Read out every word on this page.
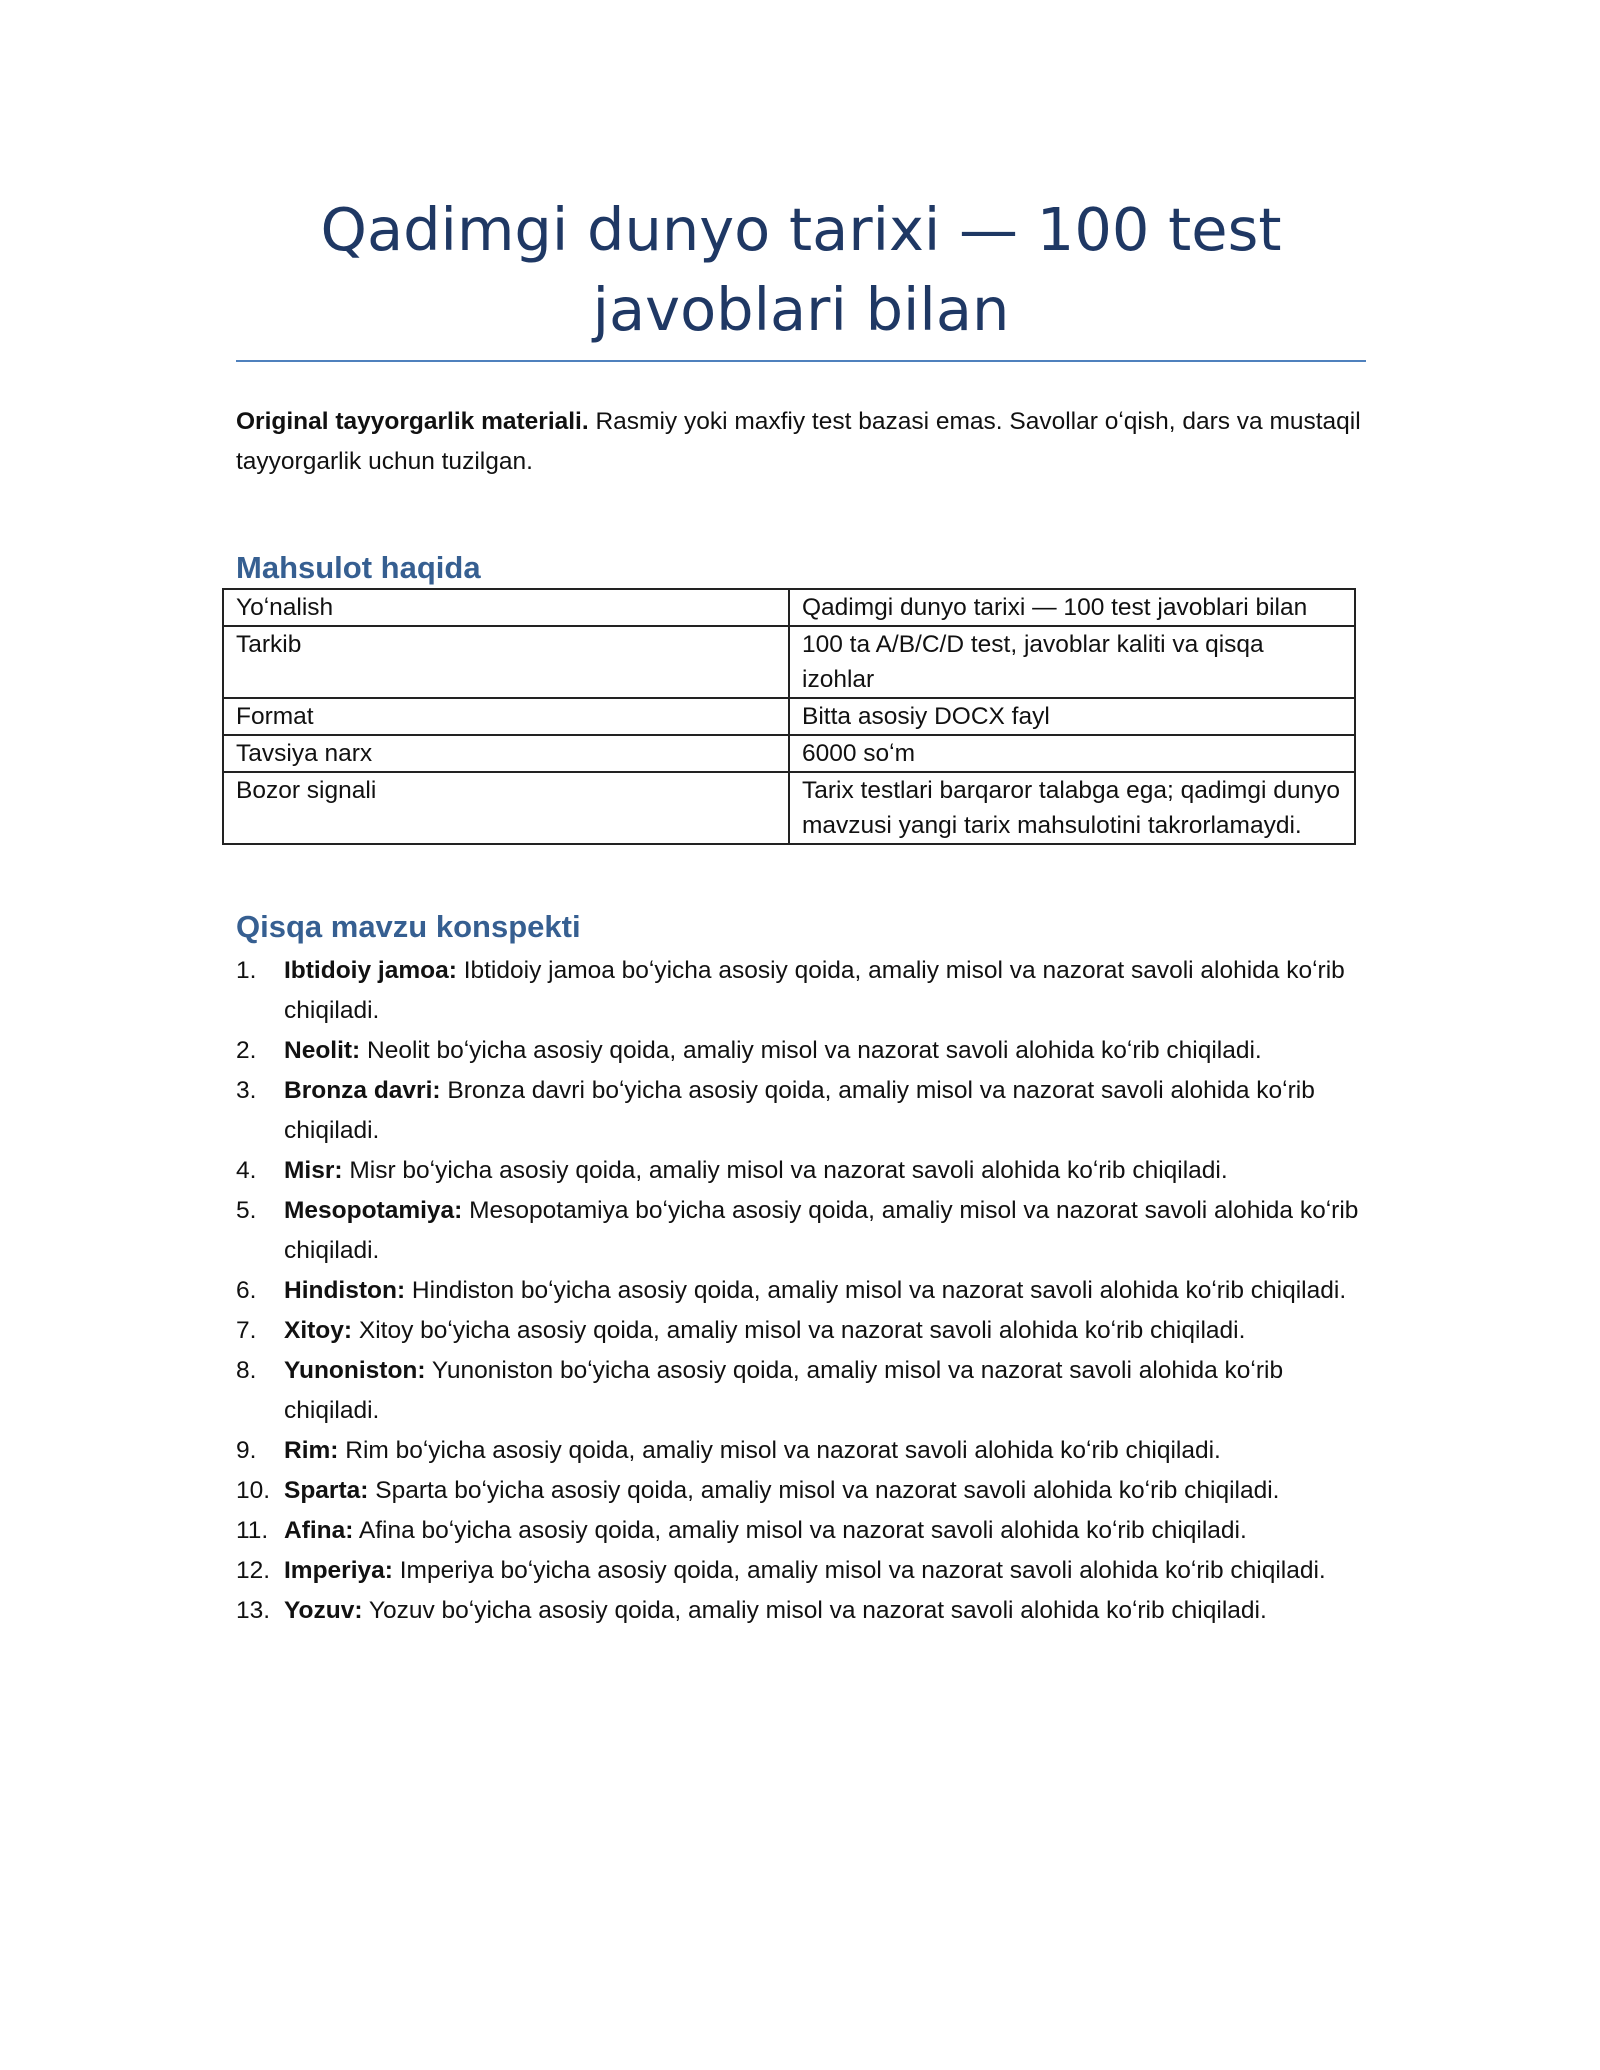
Qadimgi dunyo tarixi — 100 test javoblari bilan

Original tayyorgarlik materiali. Rasmiy yoki maxfiy test bazasi emas. Savollar oʻqish, dars va mustaqil tayyorgarlik uchun tuzilgan.

Mahsulot haqida
Yoʻnalish	Qadimgi dunyo tarixi — 100 test javoblari bilan
Tarkib	100 ta A/B/C/D test, javoblar kaliti va qisqa izohlar
Format	Bitta asosiy DOCX fayl
Tavsiya narx	6000 soʻm
Bozor signali	Tarix testlari barqaror talabga ega; qadimgi dunyo mavzusi yangi tarix mahsulotini takrorlamaydi.
Qisqa mavzu konspekti
1. Ibtidoiy jamoa: Ibtidoiy jamoa boʻyicha asosiy qoida, amaliy misol va nazorat savoli alohida koʻrib chiqiladi.
2. Neolit: Neolit boʻyicha asosiy qoida, amaliy misol va nazorat savoli alohida koʻrib chiqiladi.
3. Bronza davri: Bronza davri boʻyicha asosiy qoida, amaliy misol va nazorat savoli alohida koʻrib chiqiladi.
4. Misr: Misr boʻyicha asosiy qoida, amaliy misol va nazorat savoli alohida koʻrib chiqiladi.
5. Mesopotamiya: Mesopotamiya boʻyicha asosiy qoida, amaliy misol va nazorat savoli alohida koʻrib chiqiladi.
6. Hindiston: Hindiston boʻyicha asosiy qoida, amaliy misol va nazorat savoli alohida koʻrib chiqiladi.
7. Xitoy: Xitoy boʻyicha asosiy qoida, amaliy misol va nazorat savoli alohida koʻrib chiqiladi.
8. Yunoniston: Yunoniston boʻyicha asosiy qoida, amaliy misol va nazorat savoli alohida koʻrib chiqiladi.
9. Rim: Rim boʻyicha asosiy qoida, amaliy misol va nazorat savoli alohida koʻrib chiqiladi.
10. Sparta: Sparta boʻyicha asosiy qoida, amaliy misol va nazorat savoli alohida koʻrib chiqiladi.
11. Afina: Afina boʻyicha asosiy qoida, amaliy misol va nazorat savoli alohida koʻrib chiqiladi.
12. Imperiya: Imperiya boʻyicha asosiy qoida, amaliy misol va nazorat savoli alohida koʻrib chiqiladi.
13. Yozuv: Yozuv boʻyicha asosiy qoida, amaliy misol va nazorat savoli alohida koʻrib chiqiladi.
